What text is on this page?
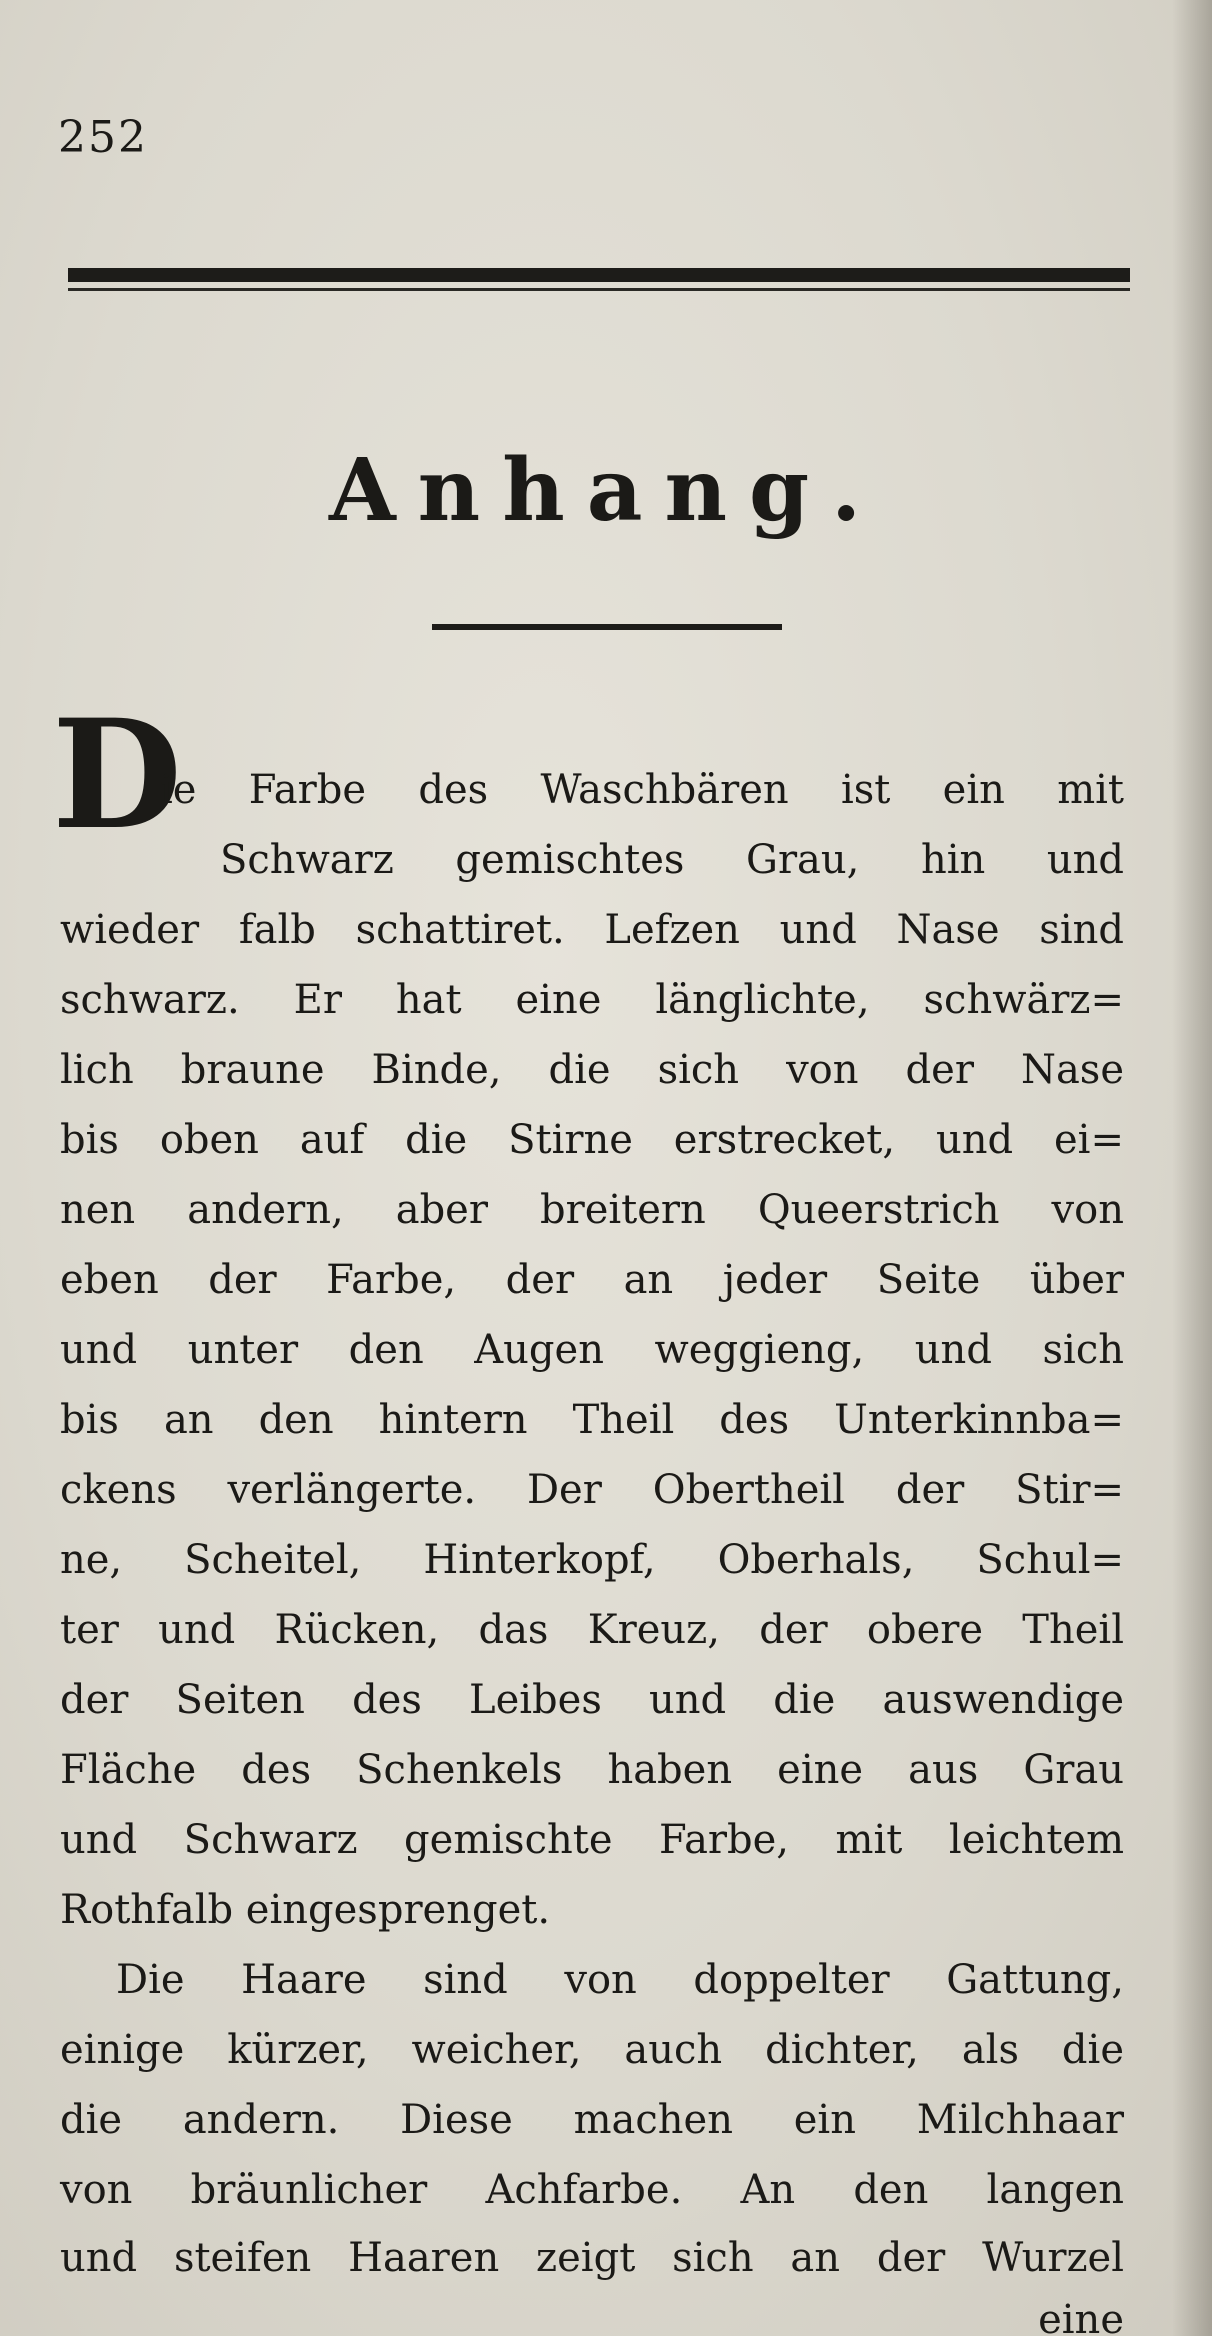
252
Anhang.
D
ie Farbe des Waschbären ist ein mit
Schwarz gemischtes Grau, hin und
wieder falb schattiret. Lefzen und Nase sind
schwarz. Er hat eine länglichte, schwärz=
lich braune Binde, die sich von der Nase
bis oben auf die Stirne erstrecket, und ei=
nen andern, aber breitern Queerstrich von
eben der Farbe, der an jeder Seite über
und unter den Augen weggieng, und sich
bis an den hintern Theil des Unterkinnba=
ckens verlängerte. Der Obertheil der Stir=
ne, Scheitel, Hinterkopf, Oberhals, Schul=
ter und Rücken, das Kreuz, der obere Theil
der Seiten des Leibes und die auswendige
Fläche des Schenkels haben eine aus Grau
und Schwarz gemischte Farbe, mit leichtem
Rothfalb eingesprenget.
Die Haare sind von doppelter Gattung,
einige kürzer, weicher, auch dichter, als die
die andern. Diese machen ein Milchhaar
von bräunlicher Achfarbe. An den langen
und steifen Haaren zeigt sich an der Wurzel
eine
